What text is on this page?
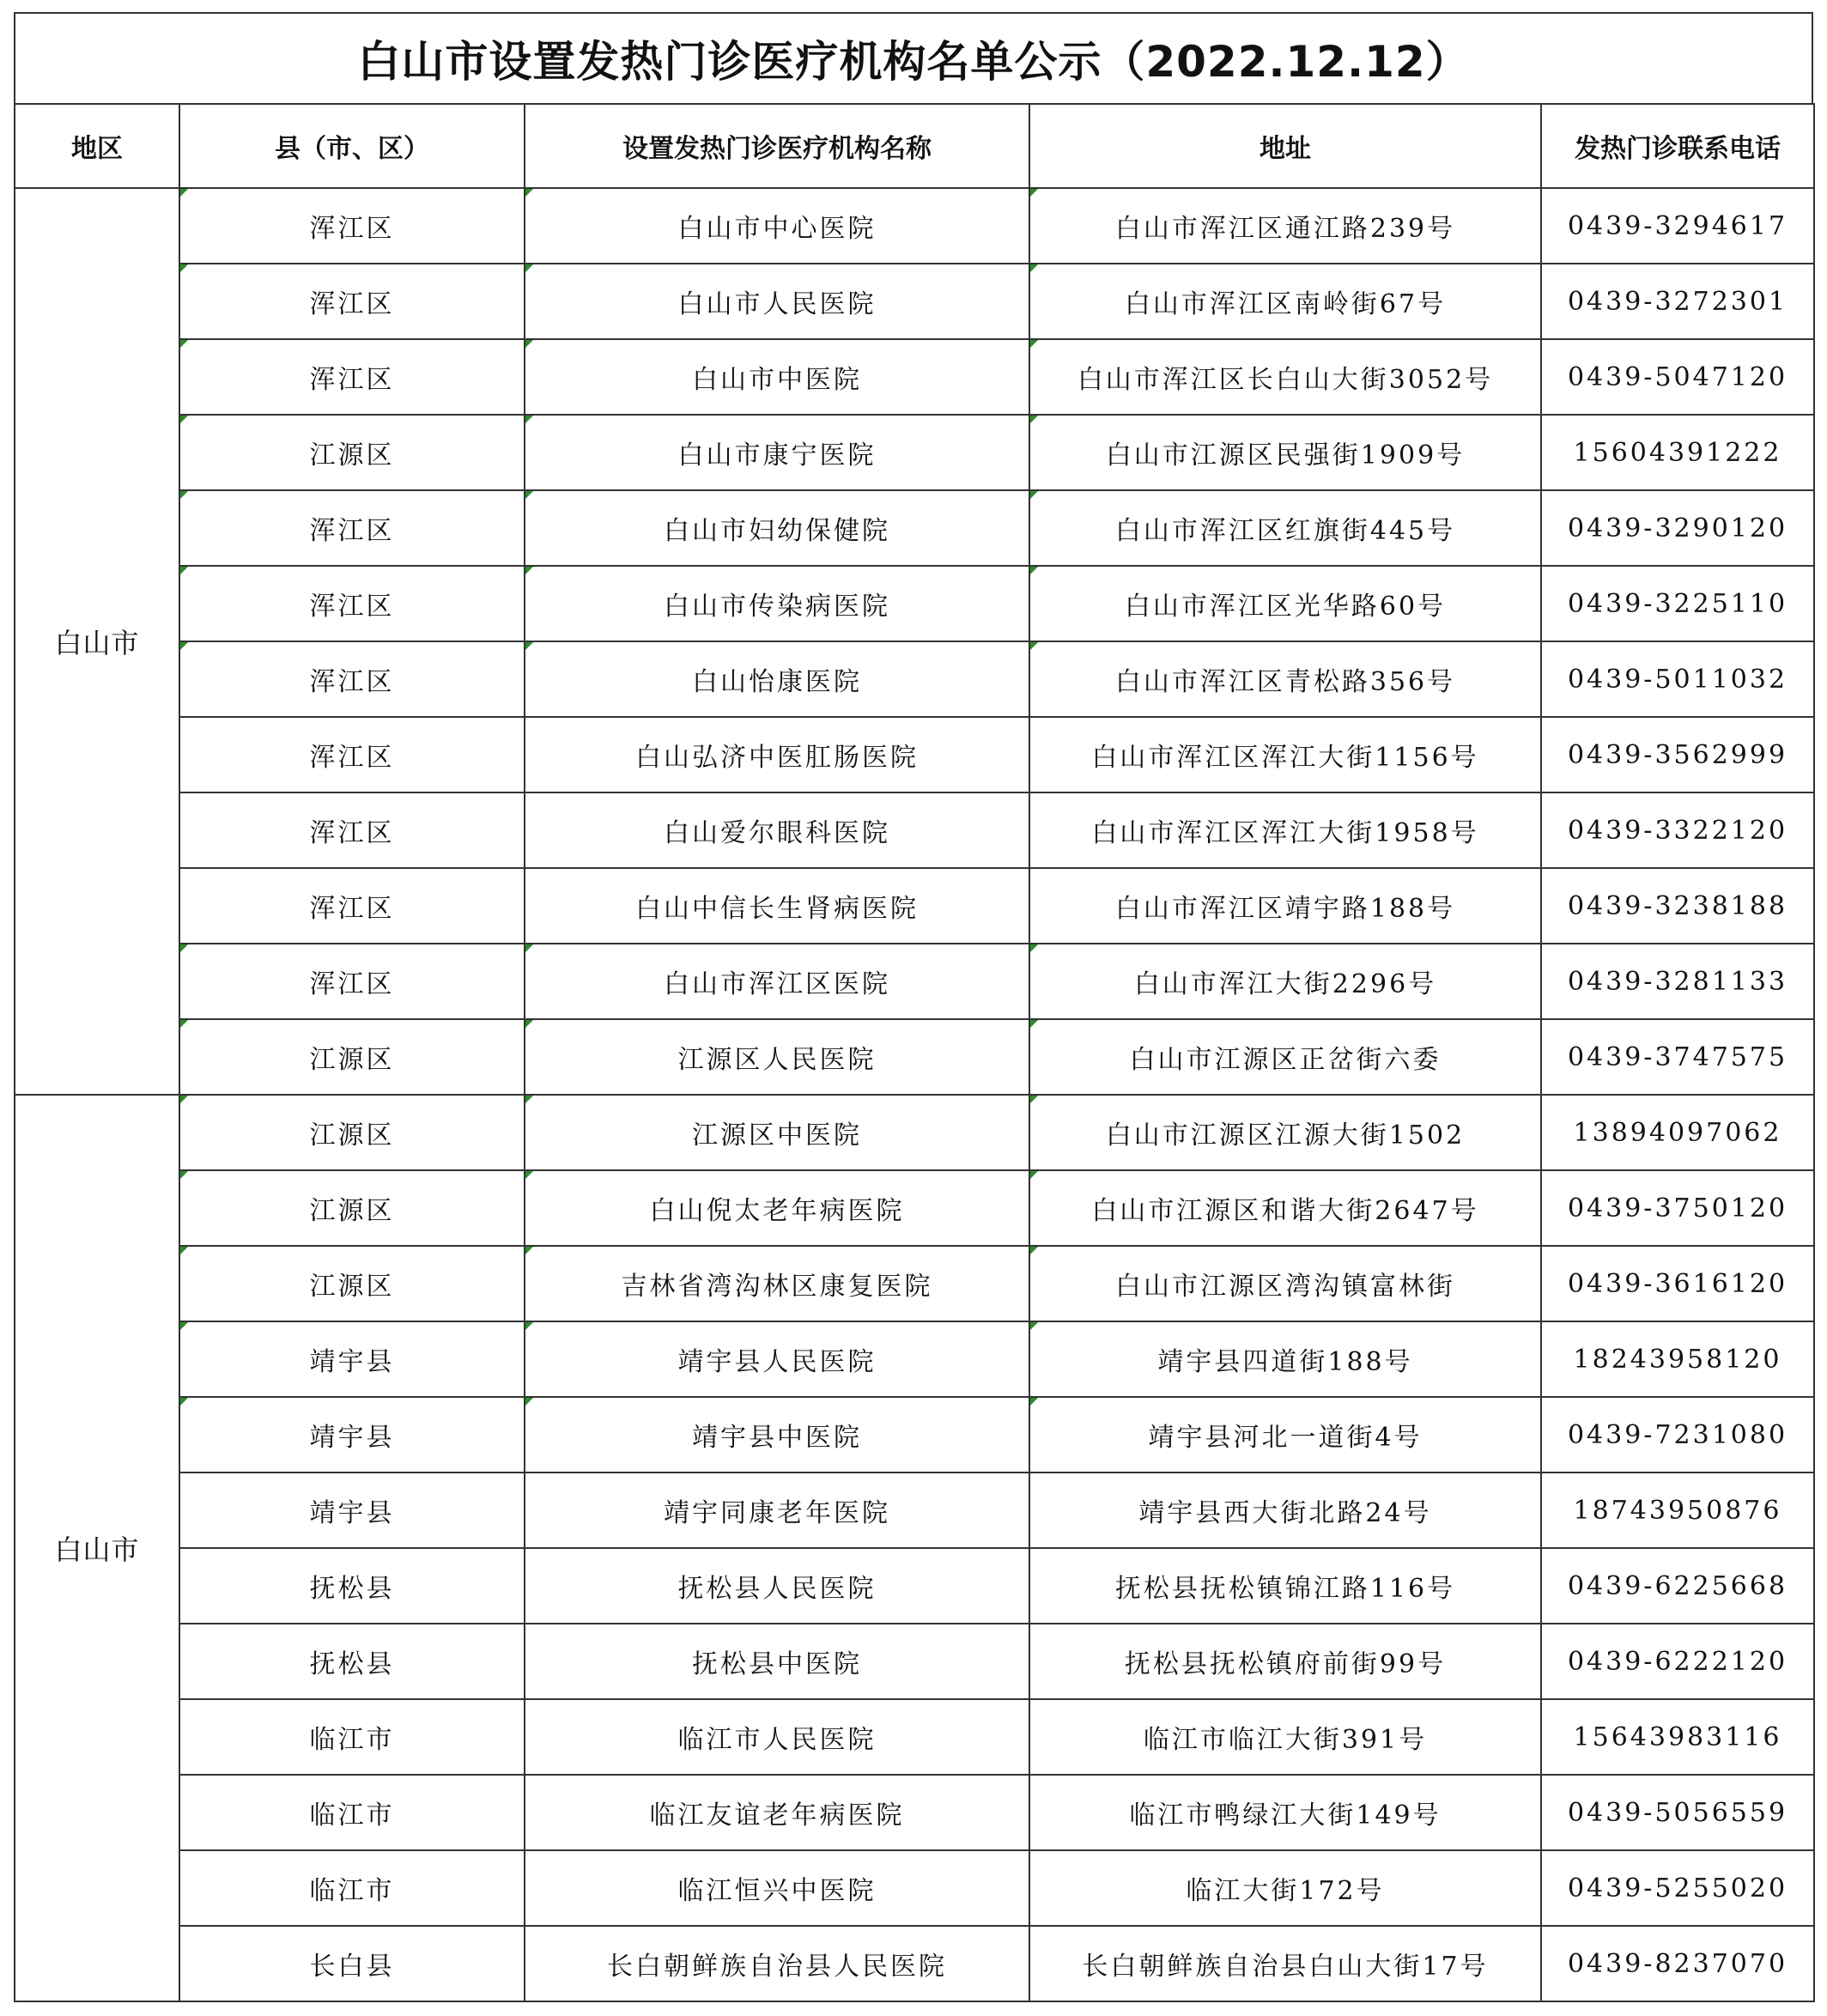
白山市设置发热门诊医疗机构名单公示（2022.12.12）
地区	县（市、区）	设置发热门诊医疗机构名称	地址	发热门诊联系电话
白山市	浑江区	白山市中心医院	白山市浑江区通江路239号	0439-3294617
	浑江区	白山市人民医院	白山市浑江区南岭街67号	0439-3272301
	浑江区	白山市中医院	白山市浑江区长白山大街3052号	0439-5047120
	江源区	白山市康宁医院	白山市江源区民强街1909号	15604391222
	浑江区	白山市妇幼保健院	白山市浑江区红旗街445号	0439-3290120
	浑江区	白山市传染病医院	白山市浑江区光华路60号	0439-3225110
	浑江区	白山怡康医院	白山市浑江区青松路356号	0439-5011032
	浑江区	白山弘济中医肛肠医院	白山市浑江区浑江大街1156号	0439-3562999
	浑江区	白山爱尔眼科医院	白山市浑江区浑江大街1958号	0439-3322120
	浑江区	白山中信长生肾病医院	白山市浑江区靖宇路188号	0439-3238188
	浑江区	白山市浑江区医院	白山市浑江大街2296号	0439-3281133
	江源区	江源区人民医院	白山市江源区正岔街六委	0439-3747575
白山市	江源区	江源区中医院	白山市江源区江源大街1502	13894097062
	江源区	白山倪太老年病医院	白山市江源区和谐大街2647号	0439-3750120
	江源区	吉林省湾沟林区康复医院	白山市江源区湾沟镇富林街	0439-3616120
	靖宇县	靖宇县人民医院	靖宇县四道街188号	18243958120
	靖宇县	靖宇县中医院	靖宇县河北一道街4号	0439-7231080
	靖宇县	靖宇同康老年医院	靖宇县西大街北路24号	18743950876
	抚松县	抚松县人民医院	抚松县抚松镇锦江路116号	0439-6225668
	抚松县	抚松县中医院	抚松县抚松镇府前街99号	0439-6222120
	临江市	临江市人民医院	临江市临江大街391号	15643983116
	临江市	临江友谊老年病医院	临江市鸭绿江大街149号	0439-5056559
	临江市	临江恒兴中医院	临江大街172号	0439-5255020
	长白县	长白朝鲜族自治县人民医院	长白朝鲜族自治县白山大街17号	0439-8237070
